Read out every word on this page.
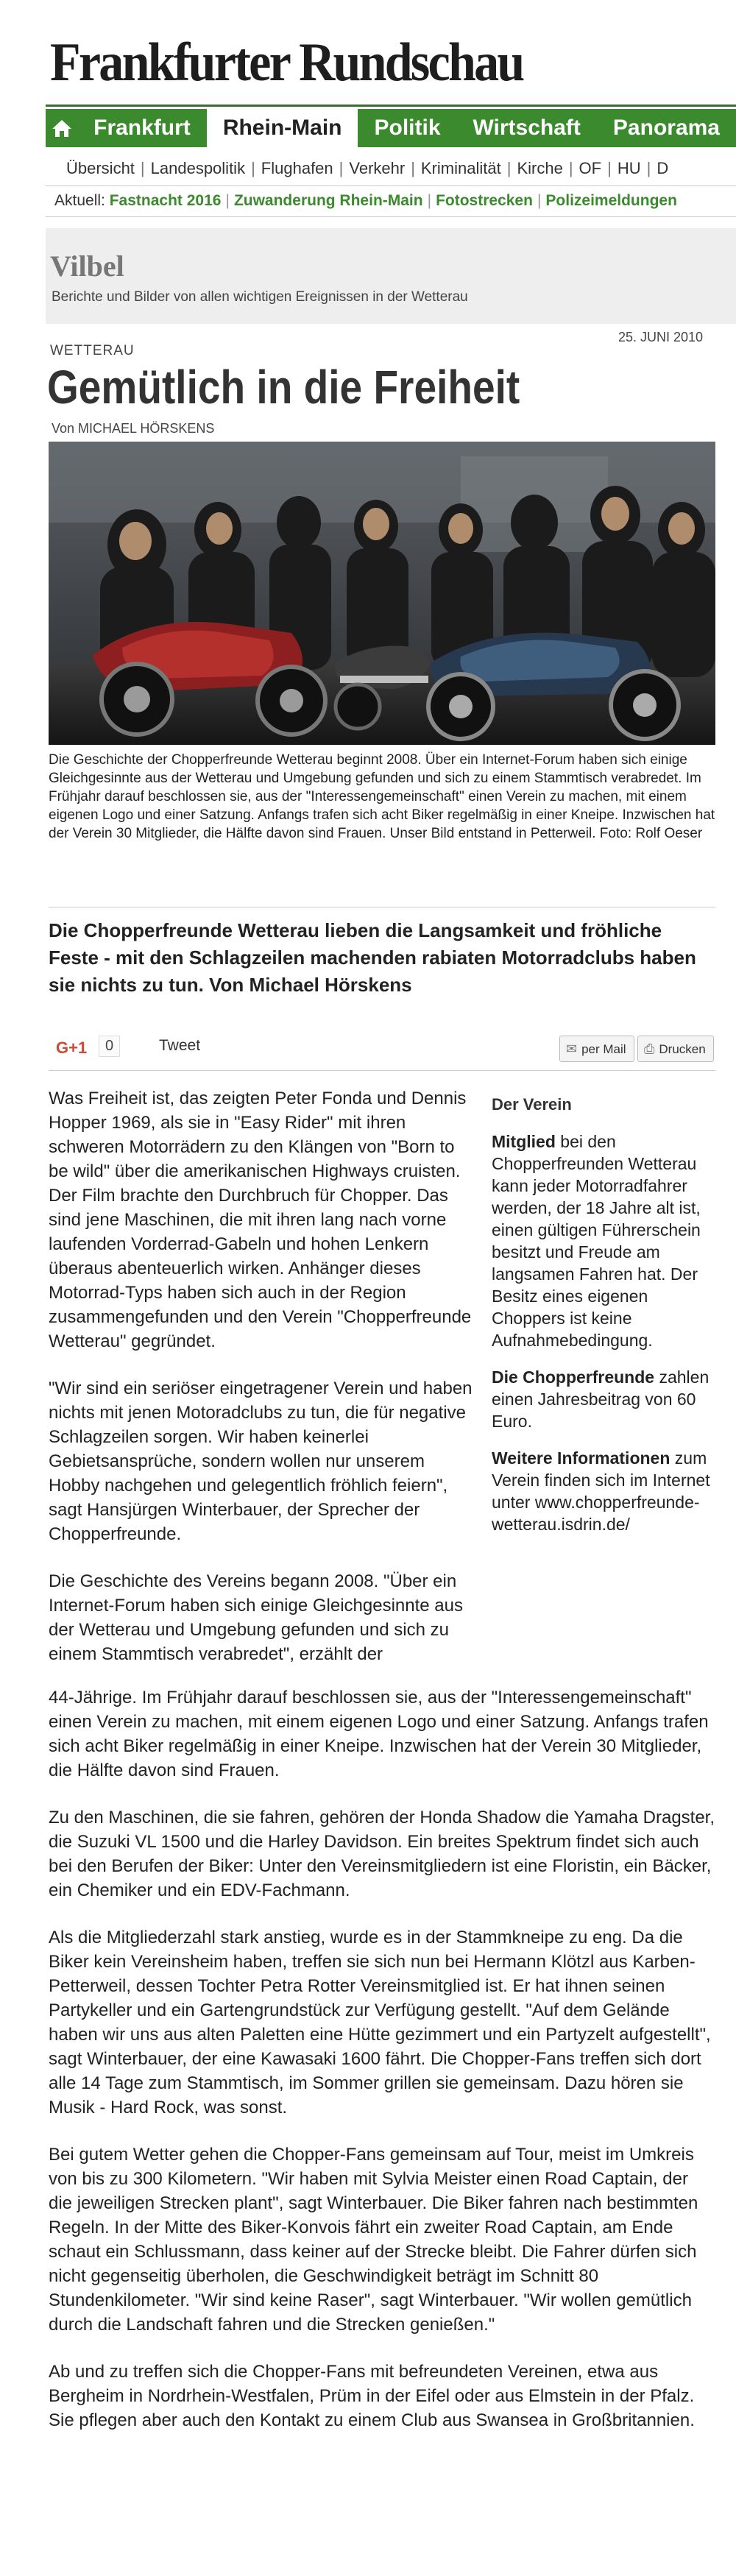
Frankfurter Rundschau
Frankfurt	Rhein-Main	Politik	Wirtschaft	Panorama
Übersicht | Landespolitik | Flughafen | Verkehr | Kriminalität | Kirche | OF | HU | D
Aktuell: Fastnacht 2016 | Zuwanderung Rhein-Main | Fotostrecken | Polizeimeldungen
Vilbel
Berichte und Bilder von allen wichtigen Ereignissen in der Wetterau
25. JUNI 2010
WETTERAU
Gemütlich in die Freiheit
Von MICHAEL HÖRSKENS
Die Geschichte der Chopperfreunde Wetterau beginnt 2008. Über ein Internet-Forum haben sich einige Gleichgesinnte aus der Wetterau und Umgebung gefunden und sich zu einem Stammtisch verabredet. Im Frühjahr darauf beschlossen sie, aus der "Interessengemeinschaft" einen Verein zu machen, mit einem eigenen Logo und einer Satzung. Anfangs trafen sich acht Biker regelmäßig in einer Kneipe. Inzwischen hat der Verein 30 Mitglieder, die Hälfte davon sind Frauen. Unser Bild entstand in Petterweil. Foto: Rolf Oeser
Die Chopperfreunde Wetterau lieben die Langsamkeit und fröhliche Feste - mit den Schlagzeilen machenden rabiaten Motorradclubs haben sie nichts zu tun. Von Michael Hörskens
G+1	0	Tweet	✉ per Mail	⎙ Drucken

Was Freiheit ist, das zeigten Peter Fonda und Dennis Hopper 1969, als sie in "Easy Rider" mit ihren schweren Motorrädern zu den Klängen von "Born to be wild" über die amerikanischen Highways cruisten. Der Film brachte den Durchbruch für Chopper. Das sind jene Maschinen, die mit ihren lang nach vorne laufenden Vorderrad-Gabeln und hohen Lenkern überaus abenteuerlich wirken. Anhänger dieses Motorrad-Typs haben sich auch in der Region zusammengefunden und den Verein "Chopperfreunde Wetterau" gegründet.

"Wir sind ein seriöser eingetragener Verein und haben nichts mit jenen Motoradclubs zu tun, die für negative Schlagzeilen sorgen. Wir haben keinerlei Gebietsansprüche, sondern wollen nur unserem Hobby nachgehen und gelegentlich fröhlich feiern", sagt Hansjürgen Winterbauer, der Sprecher der Chopperfreunde.

Die Geschichte des Vereins begann 2008. "Über ein Internet-Forum haben sich einige Gleichgesinnte aus der Wetterau und Umgebung gefunden und sich zu einem Stammtisch verabredet", erzählt der

Der Verein

Mitglied bei den Chopperfreunden Wetterau kann jeder Motorradfahrer werden, der 18 Jahre alt ist, einen gültigen Führerschein besitzt und Freude am langsamen Fahren hat. Der Besitz eines eigenen Choppers ist keine Aufnahmebedingung.

Die Chopperfreunde zahlen einen Jahresbeitrag von 60 Euro.

Weitere Informationen zum Verein finden sich im Internet unter www.chopperfreunde-wetterau.isdrin.de/

44-Jährige. Im Frühjahr darauf beschlossen sie, aus der "Interessengemeinschaft" einen Verein zu machen, mit einem eigenen Logo und einer Satzung. Anfangs trafen sich acht Biker regelmäßig in einer Kneipe. Inzwischen hat der Verein 30 Mitglieder, die Hälfte davon sind Frauen.

Zu den Maschinen, die sie fahren, gehören der Honda Shadow die Yamaha Dragster, die Suzuki VL 1500 und die Harley Davidson. Ein breites Spektrum findet sich auch bei den Berufen der Biker: Unter den Vereinsmitgliedern ist eine Floristin, ein Bäcker, ein Chemiker und ein EDV-Fachmann.

Als die Mitgliederzahl stark anstieg, wurde es in der Stammkneipe zu eng. Da die Biker kein Vereinsheim haben, treffen sie sich nun bei Hermann Klötzl aus Karben-Petterweil, dessen Tochter Petra Rotter Vereinsmitglied ist. Er hat ihnen seinen Partykeller und ein Gartengrundstück zur Verfügung gestellt. "Auf dem Gelände haben wir uns aus alten Paletten eine Hütte gezimmert und ein Partyzelt aufgestellt", sagt Winterbauer, der eine Kawasaki 1600 fährt. Die Chopper-Fans treffen sich dort alle 14 Tage zum Stammtisch, im Sommer grillen sie gemeinsam. Dazu hören sie Musik - Hard Rock, was sonst.

Bei gutem Wetter gehen die Chopper-Fans gemeinsam auf Tour, meist im Umkreis von bis zu 300 Kilometern. "Wir haben mit Sylvia Meister einen Road Captain, der die jeweiligen Strecken plant", sagt Winterbauer. Die Biker fahren nach bestimmten Regeln. In der Mitte des Biker-Konvois fährt ein zweiter Road Captain, am Ende schaut ein Schlussmann, dass keiner auf der Strecke bleibt. Die Fahrer dürfen sich nicht gegenseitig überholen, die Geschwindigkeit beträgt im Schnitt 80 Stundenkilometer. "Wir sind keine Raser", sagt Winterbauer. "Wir wollen gemütlich durch die Landschaft fahren und die Strecken genießen."

Ab und zu treffen sich die Chopper-Fans mit befreundeten Vereinen, etwa aus Bergheim in Nordrhein-Westfalen, Prüm in der Eifel oder aus Elmstein in der Pfalz. Sie pflegen aber auch den Kontakt zu einem Club aus Swansea in Großbritannien.
